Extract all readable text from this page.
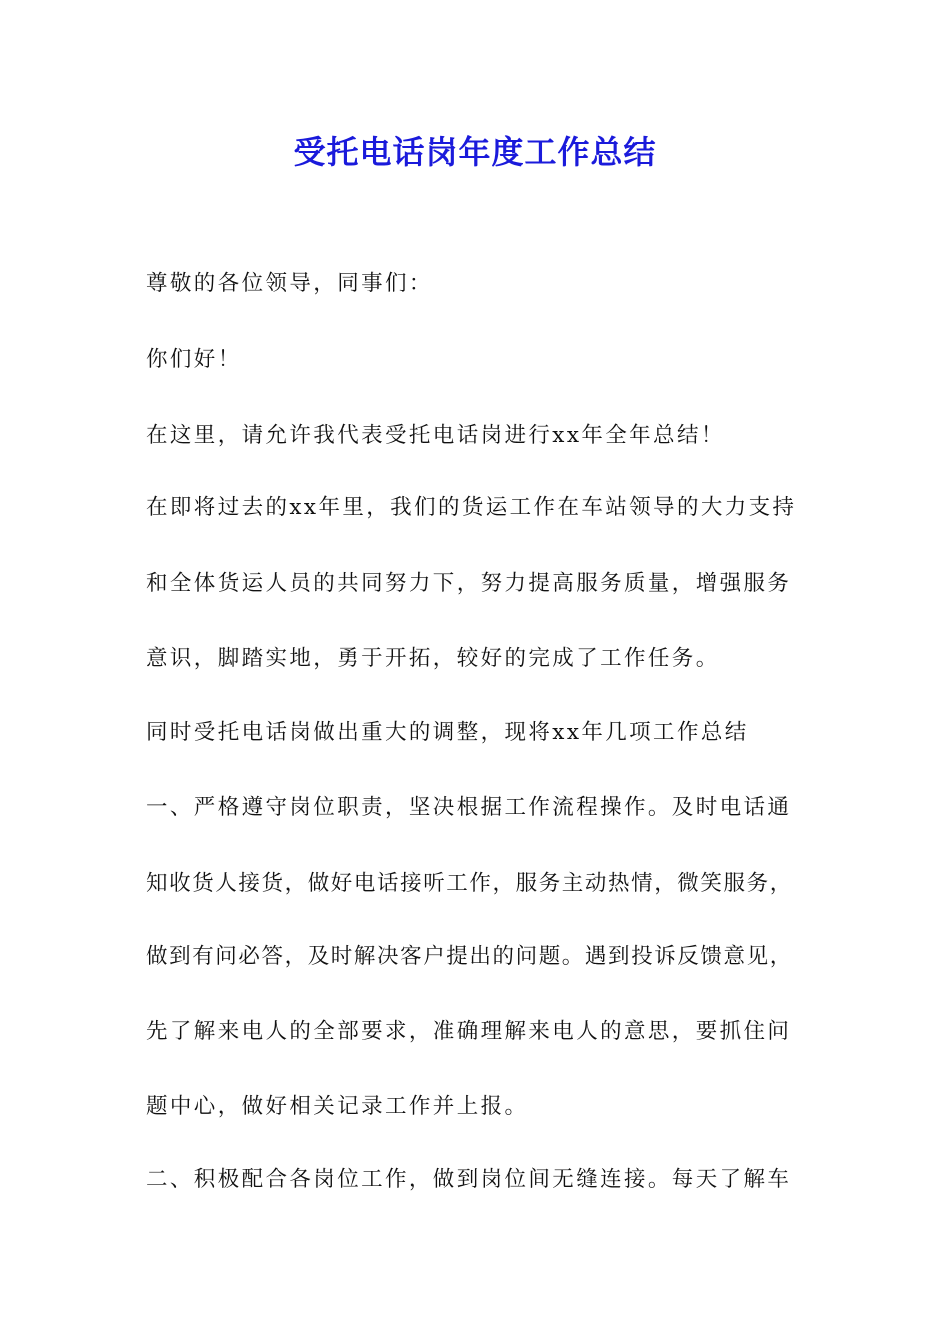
受托电话岗年度工作总结

尊敬的各位领导，同事们：

你们好！

在这里，请允许我代表受托电话岗进行xx年全年总结！

在即将过去的xx年里，我们的货运工作在车站领导的大力支持

和全体货运人员的共同努力下，努力提高服务质量，增强服务

意识，脚踏实地，勇于开拓，较好的完成了工作任务。

同时受托电话岗做出重大的调整，现将xx年几项工作总结

一、严格遵守岗位职责，坚决根据工作流程操作。及时电话通

知收货人接货，做好电话接听工作，服务主动热情，微笑服务，

做到有问必答，及时解决客户提出的问题。遇到投诉反馈意见，

先了解来电人的全部要求，准确理解来电人的意思，要抓住问

题中心，做好相关记录工作并上报。

二、积极配合各岗位工作，做到岗位间无缝连接。每天了解车
